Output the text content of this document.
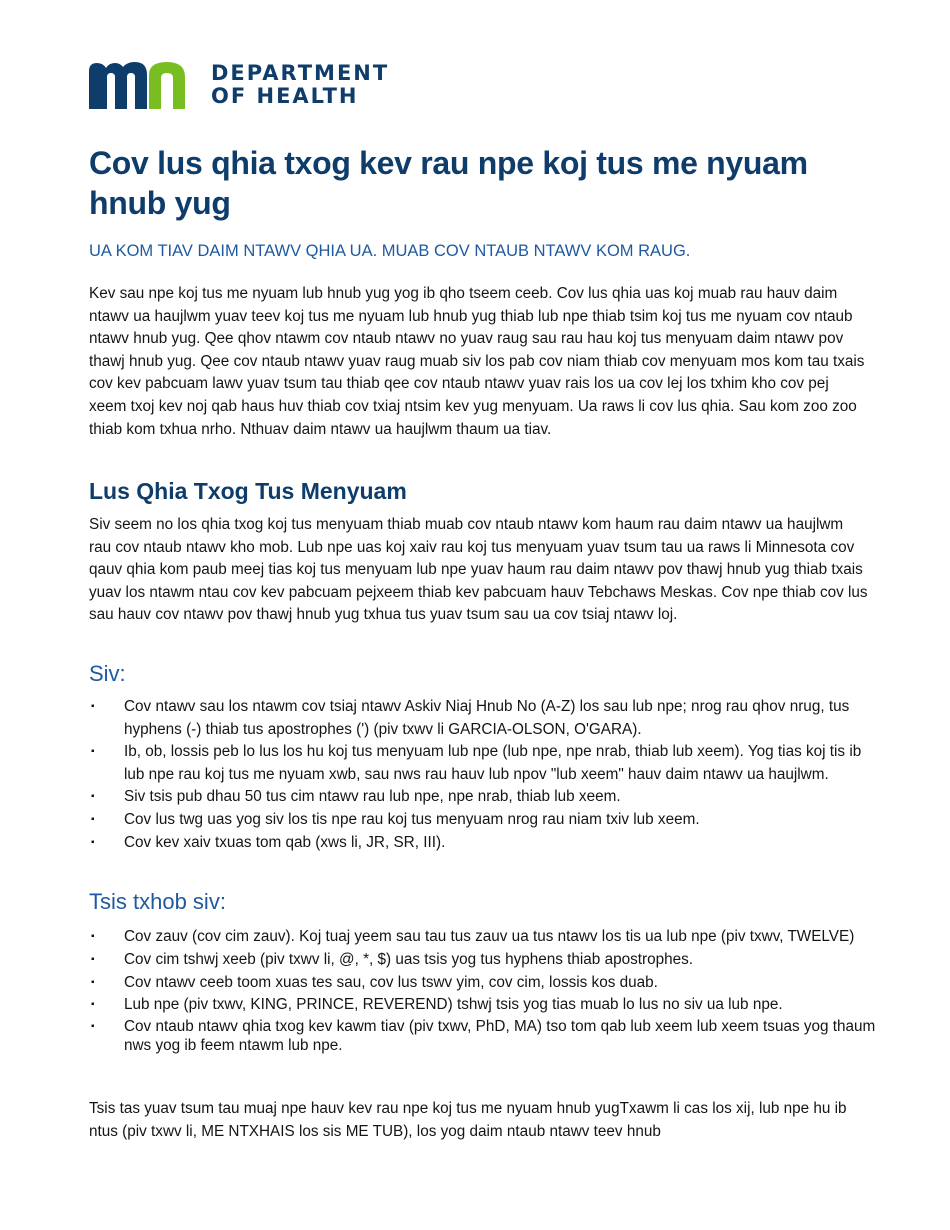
DEPARTMENT
OF HEALTH
Cov lus qhia txog kev rau npe koj tus me nyuam hnub yug

UA KOM TIAV DAIM NTAWV QHIA UA. MUAB COV NTAUB NTAWV KOM RAUG.

Kev sau npe koj tus me nyuam lub hnub yug yog ib qho tseem ceeb. Cov lus qhia uas koj muab rau hauv daim ntawv ua haujlwm yuav teev koj tus me nyuam lub hnub yug thiab lub npe thiab tsim koj tus me nyuam cov ntaub ntawv hnub yug. Qee qhov ntawm cov ntaub ntawv no yuav raug sau rau hau koj tus menyuam daim ntawv pov thawj hnub yug. Qee cov ntaub ntawv yuav raug muab siv los pab cov niam thiab cov menyuam mos kom tau txais cov kev pabcuam lawv yuav tsum tau thiab qee cov ntaub ntawv yuav rais los ua cov lej los txhim kho cov pej xeem txoj kev noj qab haus huv thiab cov txiaj ntsim kev yug menyuam. Ua raws li cov lus qhia. Sau kom zoo zoo thiab kom txhua nrho. Nthuav daim ntawv ua haujlwm thaum ua tiav.

Lus Qhia Txog Tus Menyuam

Siv seem no los qhia txog koj tus menyuam thiab muab cov ntaub ntawv kom haum rau daim ntawv ua haujlwm rau cov ntaub ntawv kho mob. Lub npe uas koj xaiv rau koj tus menyuam yuav tsum tau ua raws li Minnesota cov qauv qhia kom paub meej tias koj tus menyuam lub npe yuav haum rau daim ntawv pov thawj hnub yug thiab txais yuav los ntawm ntau cov kev pabcuam pejxeem thiab kev pabcuam hauv Tebchaws Meskas. Cov npe thiab cov lus sau hauv cov ntawv pov thawj hnub yug txhua tus yuav tsum sau ua cov tsiaj ntawv loj.

Siv:
▪ Cov ntawv sau los ntawm cov tsiaj ntawv Askiv Niaj Hnub No (A-Z) los sau lub npe; nrog rau qhov nrug, tus hyphens (-) thiab tus apostrophes (') (piv txwv li GARCIA-OLSON, O'GARA).
▪ Ib, ob, lossis peb lo lus los hu koj tus menyuam lub npe (lub npe, npe nrab, thiab lub xeem). Yog tias koj tis ib lub npe rau koj tus me nyuam xwb, sau nws rau hauv lub npov "lub xeem" hauv daim ntawv ua haujlwm.
▪ Siv tsis pub dhau 50 tus cim ntawv rau lub npe, npe nrab, thiab lub xeem.
▪ Cov lus twg uas yog siv los tis npe rau koj tus menyuam nrog rau niam txiv lub xeem.
▪ Cov kev xaiv txuas tom qab (xws li, JR, SR, III).
Tsis txhob siv:
▪ Cov zauv (cov cim zauv). Koj tuaj yeem sau tau tus zauv ua tus ntawv los tis ua lub npe (piv txwv, TWELVE)
▪ Cov cim tshwj xeeb (piv txwv li, @, *, $) uas tsis yog tus hyphens thiab apostrophes.
▪ Cov ntawv ceeb toom xuas tes sau, cov lus tswv yim, cov cim, lossis kos duab.
▪ Lub npe (piv txwv, KING, PRINCE, REVEREND) tshwj tsis yog tias muab lo lus no siv ua lub npe.
▪ Cov ntaub ntawv qhia txog kev kawm tiav (piv txwv, PhD, MA) tso tom qab lub xeem lub xeem tsuas yog thaum nws yog ib feem ntawm lub npe.

Tsis tas yuav tsum tau muaj npe hauv kev rau npe koj tus me nyuam hnub yugTxawm li cas los xij, lub npe hu ib ntus (piv txwv li, ME NTXHAIS los sis ME TUB), los yog daim ntaub ntawv teev hnub
